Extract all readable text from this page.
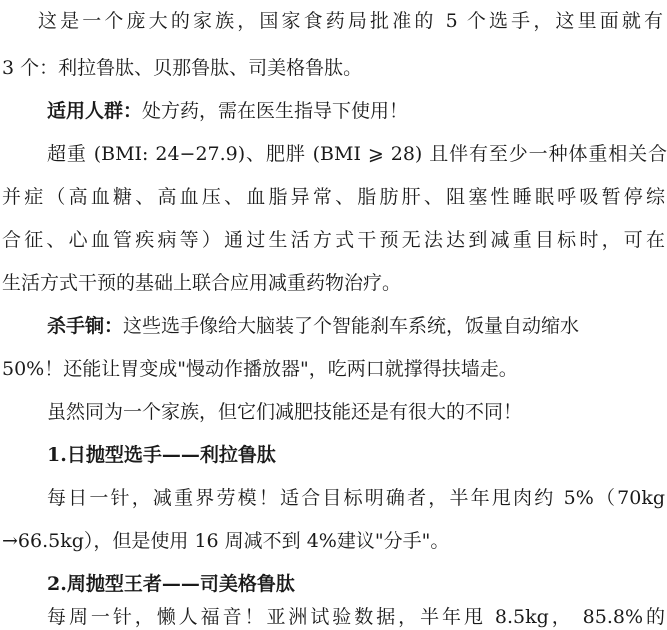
这是一个庞大的家族，国家食药局批准的 5 个选手，这里面就有
3 个：利拉鲁肽、贝那鲁肽、司美格鲁肽。
适用人群：处方药，需在医生指导下使用！
超重 (BMI: 24−27.9)、肥胖 (BMI ⩾ 28) 且伴有至少一种体重相关合
并症（高血糖、高血压、血脂异常、脂肪肝、阻塞性睡眠呼吸暂停综
合征、心血管疾病等）通过生活方式干预无法达到减重目标时，可在
生活方式干预的基础上联合应用减重药物治疗。
杀手锏：这些选手像给大脑装了个智能刹车系统，饭量自动缩水
50%！还能让胃变成"慢动作播放器"，吃两口就撑得扶墙走。
虽然同为一个家族，但它们减肥技能还是有很大的不同！
1.日抛型选手——利拉鲁肽
每日一针，减重界劳模！适合目标明确者，半年甩肉约 5%（70kg
→66.5kg），但是使用 16 周减不到 4%建议"分手"。
2.周抛型王者——司美格鲁肽
每周一针，懒人福音！亚洲试验数据，半年甩 8.5kg， 85.8%的
